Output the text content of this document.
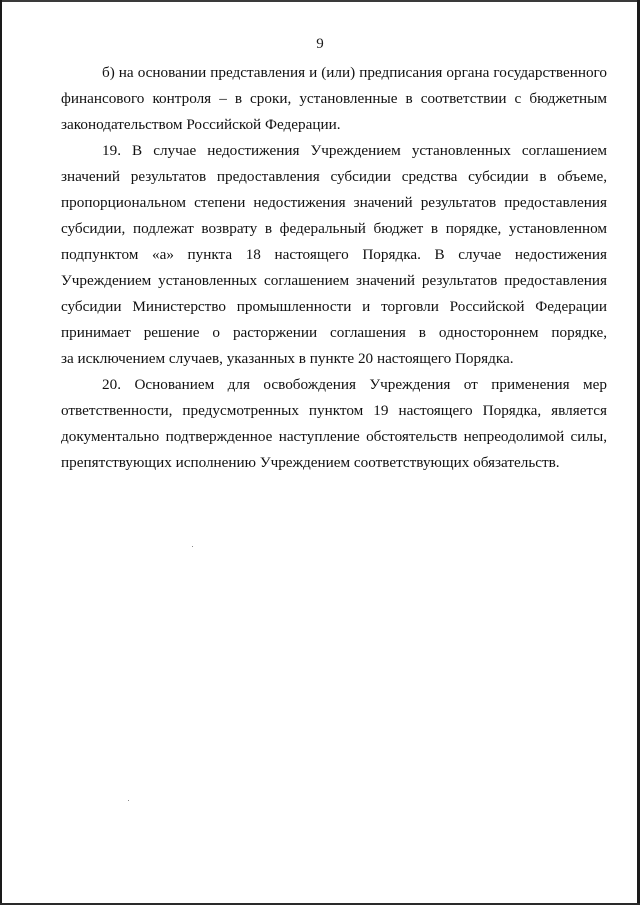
9
б) на основании представления и (или) предписания органа государственного
финансового контроля – в сроки, установленные в соответствии с бюджетным
законодательством Российской Федерации.
19. В случае недостижения Учреждением установленных соглашением
значений результатов предоставления субсидии средства субсидии в объеме,
пропорциональном степени недостижения значений результатов предоставления
субсидии, подлежат возврату в федеральный бюджет в порядке, установленном
подпунктом «а» пункта 18 настоящего Порядка. В случае недостижения
Учреждением установленных соглашением значений результатов предоставления
субсидии Министерство промышленности и торговли Российской Федерации
принимает решение о расторжении соглашения в одностороннем порядке,
за исключением случаев, указанных в пункте 20 настоящего Порядка.
20. Основанием для освобождения Учреждения от применения мер
ответственности, предусмотренных пунктом 19 настоящего Порядка, является
документально подтвержденное наступление обстоятельств непреодолимой силы,
препятствующих исполнению Учреждением соответствующих обязательств.
